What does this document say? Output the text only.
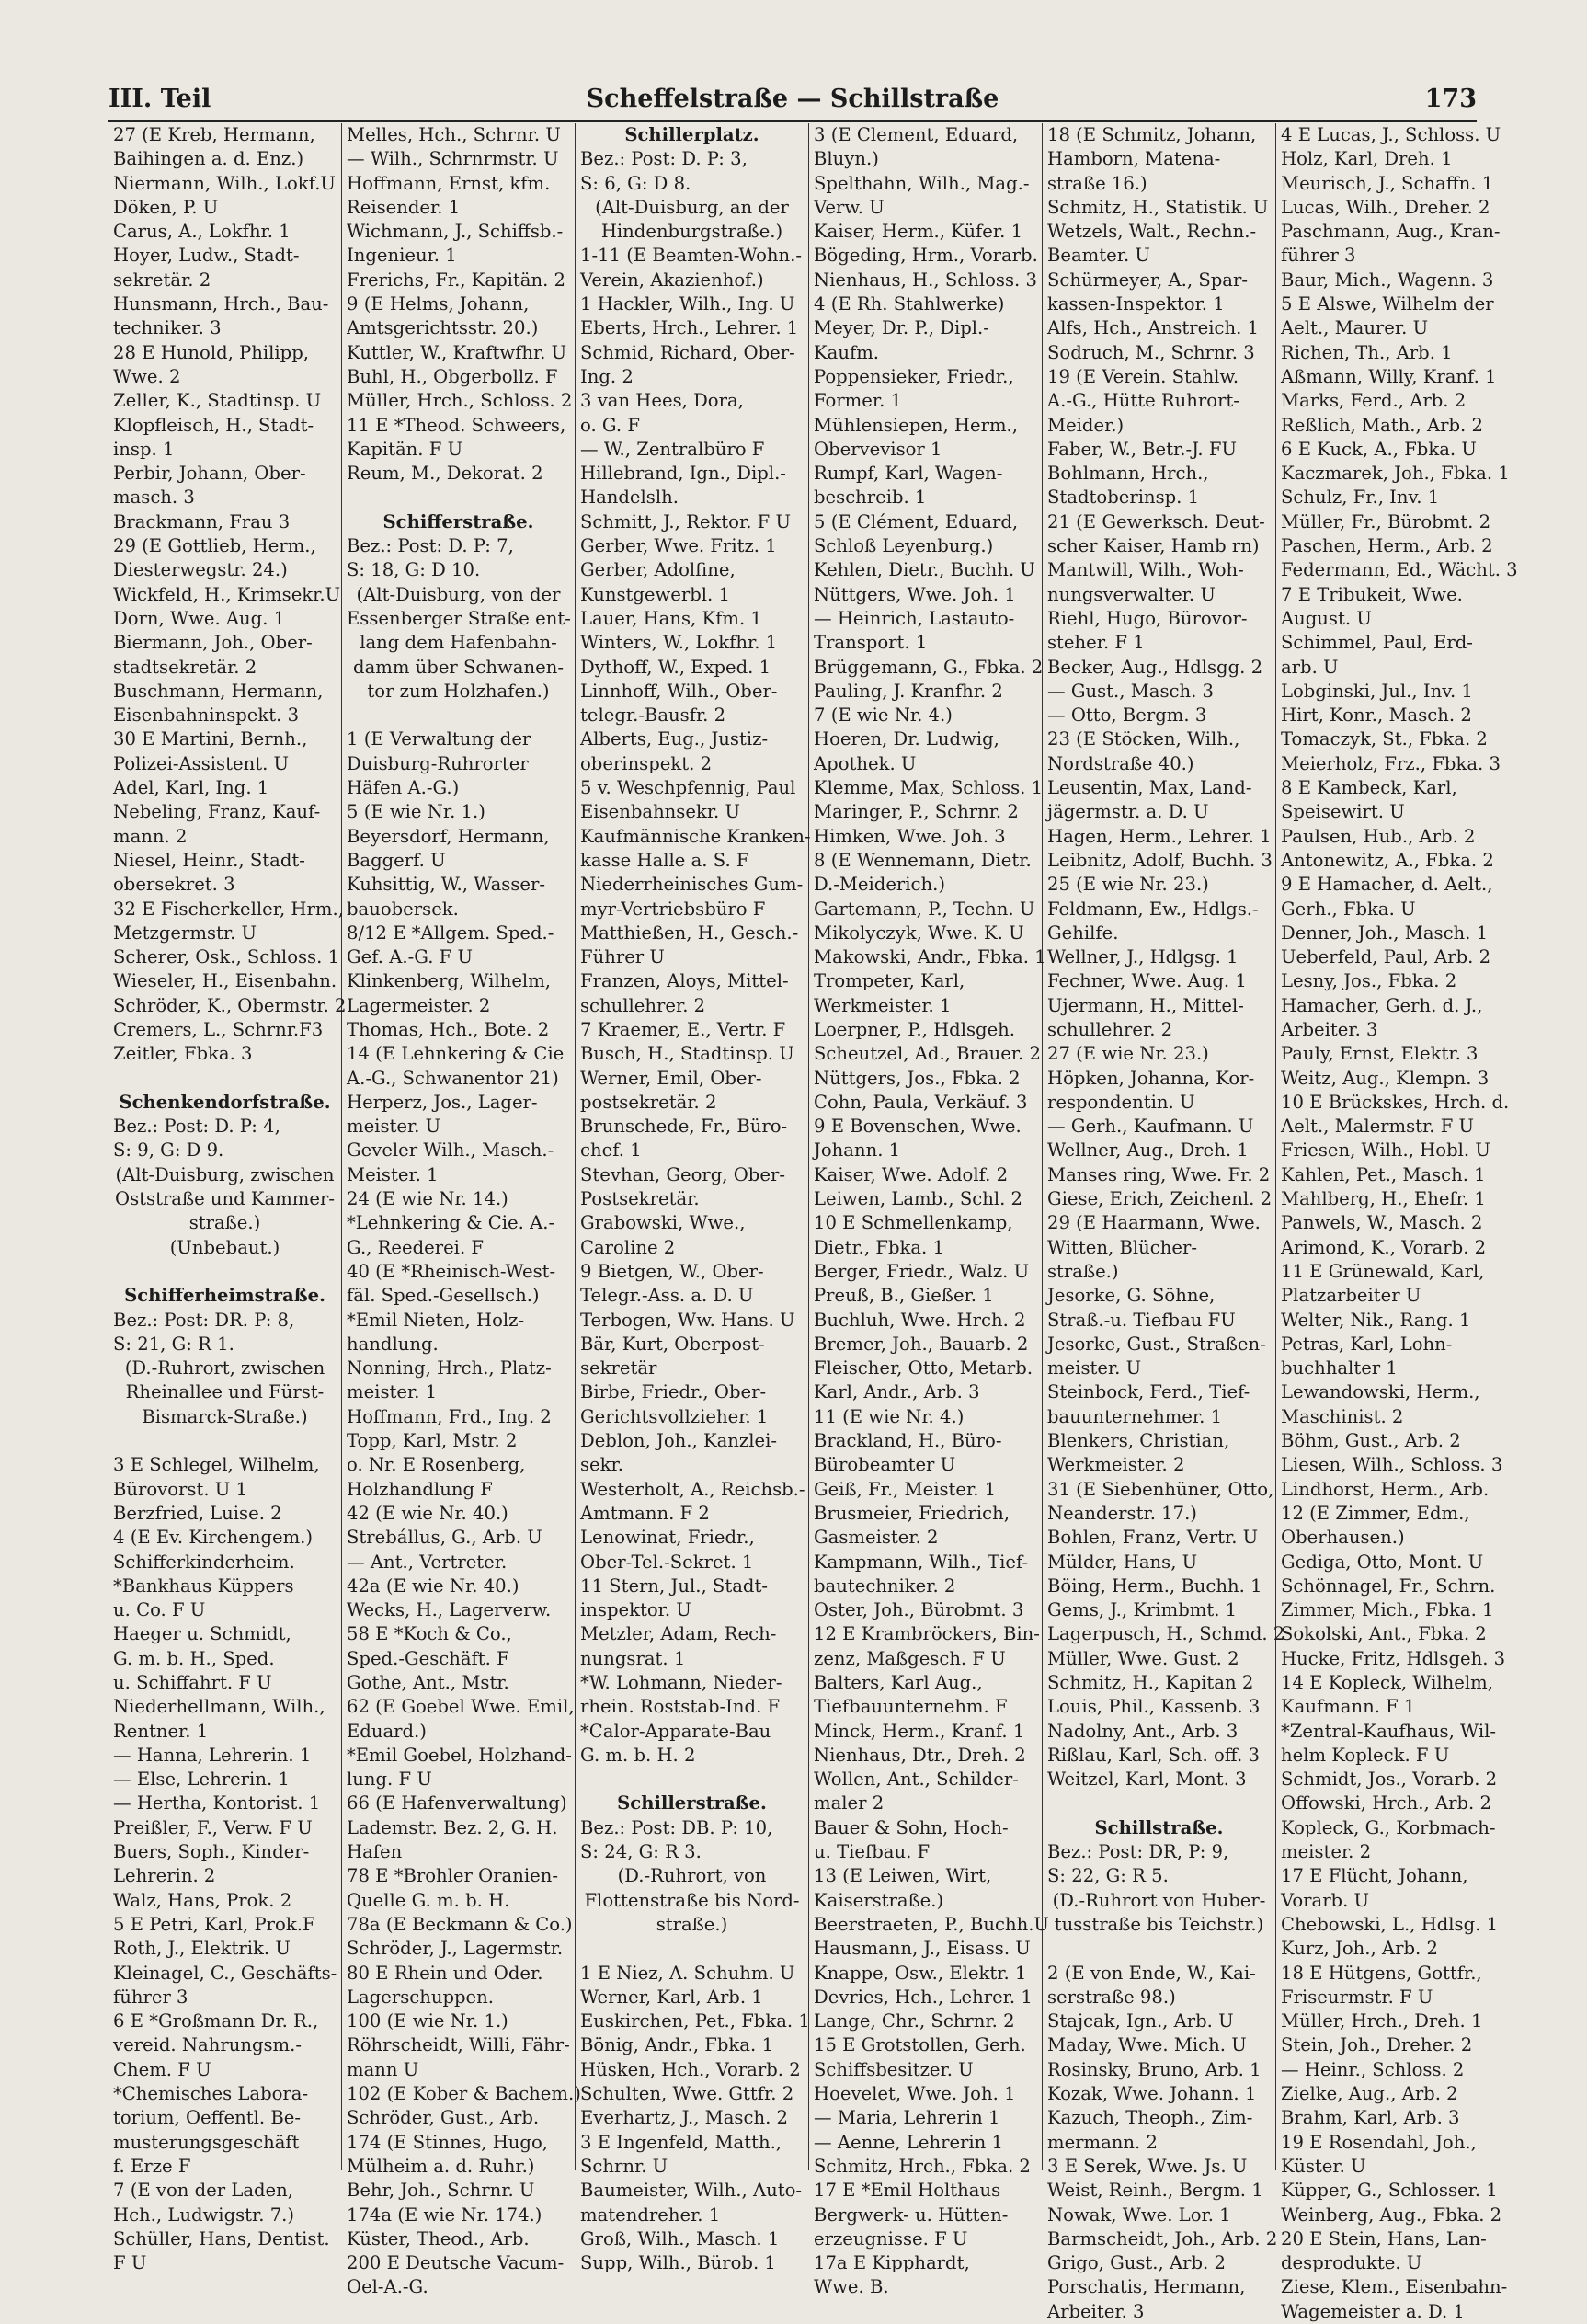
III. Teil	Scheffelstraße — Schillstraße	173
27 (E Kreb, Hermann,
Baihingen a. d. Enz.)
Niermann, Wilh., Lokf.U
Döken, P. U
Carus, A., Lokfhr. 1
Hoyer, Ludw., Stadt-
sekretär. 2
Hunsmann, Hrch., Bau-
techniker. 3
28 E Hunold, Philipp,
Wwe. 2
Zeller, K., Stadtinsp. U
Klopfleisch, H., Stadt-
insp. 1
Perbir, Johann, Ober-
masch. 3
Brackmann, Frau 3
29 (E Gottlieb, Herm.,
Diesterwegstr. 24.)
Wickfeld, H., Krimsekr.U
Dorn, Wwe. Aug. 1
Biermann, Joh., Ober-
stadtsekretär. 2
Buschmann, Hermann,
Eisenbahninspekt. 3
30 E Martini, Bernh.,
Polizei-Assistent. U
Adel, Karl, Ing. 1
Nebeling, Franz, Kauf-
mann. 2
Niesel, Heinr., Stadt-
obersekret. 3
32 E Fischerkeller, Hrm.,
Metzgermstr. U
Scherer, Osk., Schloss. 1
Wieseler, H., Eisenbahn.
Schröder, K., Obermstr. 2
Cremers, L., Schrnr.F3
Zeitler, Fbka. 3
Schenkendorfstraße.
Bez.: Post: D. P: 4,
S: 9, G: D 9.
(Alt-Duisburg, zwischen
Oststraße und Kammer-
straße.)
(Unbebaut.)
Schifferheimstraße.
Bez.: Post: DR. P: 8,
S: 21, G: R 1.
(D.-Ruhrort, zwischen
Rheinallee und Fürst-
Bismarck-Straße.)
3 E Schlegel, Wilhelm,
Bürovorst. U 1
Berzfried, Luise. 2
4 (E Ev. Kirchengem.)
Schifferkinderheim.
*Bankhaus Küppers
u. Co. F U
Haeger u. Schmidt,
G. m. b. H., Sped.
u. Schiffahrt. F U
Niederhellmann, Wilh.,
Rentner. 1
— Hanna, Lehrerin. 1
— Else, Lehrerin. 1
— Hertha, Kontorist. 1
Preißler, F., Verw. F U
Buers, Soph., Kinder-
Lehrerin. 2
Walz, Hans, Prok. 2
5 E Petri, Karl, Prok.F
Roth, J., Elektrik. U
Kleinagel, C., Geschäfts-
führer 3
6 E *Großmann Dr. R.,
vereid. Nahrungsm.-
Chem. F U
*Chemisches Labora-
torium, Oeffentl. Be-
musterungsgeschäft
f. Erze F
7 (E von der Laden,
Hch., Ludwigstr. 7.)
Schüller, Hans, Dentist.
F U
Melles, Hch., Schrnr. U
— Wilh., Schrnrmstr. U
Hoffmann, Ernst, kfm.
Reisender. 1
Wichmann, J., Schiffsb.-
Ingenieur. 1
Frerichs, Fr., Kapitän. 2
9 (E Helms, Johann,
Amtsgerichtsstr. 20.)
Kuttler, W., Kraftwfhr. U
Buhl, H., Obgerbollz. F
Müller, Hrch., Schloss. 2
11 E *Theod. Schweers,
Kapitän. F U
Reum, M., Dekorat. 2
Schifferstraße.
Bez.: Post: D. P: 7,
S: 18, G: D 10.
(Alt-Duisburg, von der
Essenberger Straße ent-
lang dem Hafenbahn-
damm über Schwanen-
tor zum Holzhafen.)
1 (E Verwaltung der
Duisburg-Ruhrorter
Häfen A.-G.)
5 (E wie Nr. 1.)
Beyersdorf, Hermann,
Baggerf. U
Kuhsittig, W., Wasser-
bauobersek.
8/12 E *Allgem. Sped.-
Gef. A.-G. F U
Klinkenberg, Wilhelm,
Lagermeister. 2
Thomas, Hch., Bote. 2
14 (E Lehnkering & Cie
A.-G., Schwanentor 21)
Herperz, Jos., Lager-
meister. U
Geveler Wilh., Masch.-
Meister. 1
24 (E wie Nr. 14.)
*Lehnkering & Cie. A.-
G., Reederei. F
40 (E *Rheinisch-West-
fäl. Sped.-Gesellsch.)
*Emil Nieten, Holz-
handlung.
Nonning, Hrch., Platz-
meister. 1
Hoffmann, Frd., Ing. 2
Topp, Karl, Mstr. 2
o. Nr. E Rosenberg,
Holzhandlung F
42 (E wie Nr. 40.)
Strebállus, G., Arb. U
— Ant., Vertreter.
42a (E wie Nr. 40.)
Wecks, H., Lagerverw.
58 E *Koch & Co.,
Sped.-Geschäft. F
Gothe, Ant., Mstr.
62 (E Goebel Wwe. Emil,
Eduard.)
*Emil Goebel, Holzhand-
lung. F U
66 (E Hafenverwaltung)
Lademstr. Bez. 2, G. H.
Hafen
78 E *Brohler Oranien-
Quelle G. m. b. H.
78a (E Beckmann & Co.)
Schröder, J., Lagermstr.
80 E Rhein und Oder.
Lagerschuppen.
100 (E wie Nr. 1.)
Röhrscheidt, Willi, Fähr-
mann U
102 (E Kober & Bachem.)
Schröder, Gust., Arb.
174 (E Stinnes, Hugo,
Mülheim a. d. Ruhr.)
Behr, Joh., Schrnr. U
174a (E wie Nr. 174.)
Küster, Theod., Arb.
200 E Deutsche Vacum-
Oel-A.-G.
Schillerplatz.
Bez.: Post: D. P: 3,
S: 6, G: D 8.
(Alt-Duisburg, an der
Hindenburgstraße.)
1-11 (E Beamten-Wohn.-
Verein, Akazienhof.)
1 Hackler, Wilh., Ing. U
Eberts, Hrch., Lehrer. 1
Schmid, Richard, Ober-
Ing. 2
3 van Hees, Dora,
o. G. F
— W., Zentralbüro F
Hillebrand, Ign., Dipl.-
Handelslh.
Schmitt, J., Rektor. F U
Gerber, Wwe. Fritz. 1
Gerber, Adolfine,
Kunstgewerbl. 1
Lauer, Hans, Kfm. 1
Winters, W., Lokfhr. 1
Dythoff, W., Exped. 1
Linnhoff, Wilh., Ober-
telegr.-Bausfr. 2
Alberts, Eug., Justiz-
oberinspekt. 2
5 v. Weschpfennig, Paul
Eisenbahnsekr. U
Kaufmännische Kranken-
kasse Halle a. S. F
Niederrheinisches Gum-
myr-Vertriebsbüro F
Matthießen, H., Gesch.-
Führer U
Franzen, Aloys, Mittel-
schullehrer. 2
7 Kraemer, E., Vertr. F
Busch, H., Stadtinsp. U
Werner, Emil, Ober-
postsekretär. 2
Brunschede, Fr., Büro-
chef. 1
Stevhan, Georg, Ober-
Postsekretär.
Grabowski, Wwe.,
Caroline 2
9 Bietgen, W., Ober-
Telegr.-Ass. a. D. U
Terbogen, Ww. Hans. U
Bär, Kurt, Oberpost-
sekretär
Birbe, Friedr., Ober-
Gerichtsvollzieher. 1
Deblon, Joh., Kanzlei-
sekr.
Westerholt, A., Reichsb.-
Amtmann. F 2
Lenowinat, Friedr.,
Ober-Tel.-Sekret. 1
11 Stern, Jul., Stadt-
inspektor. U
Metzler, Adam, Rech-
nungsrat. 1
*W. Lohmann, Nieder-
rhein. Roststab-Ind. F
*Calor-Apparate-Bau
G. m. b. H. 2
Schillerstraße.
Bez.: Post: DB. P: 10,
S: 24, G: R 3.
(D.-Ruhrort, von
Flottenstraße bis Nord-
straße.)
1 E Niez, A. Schuhm. U
Werner, Karl, Arb. 1
Euskirchen, Pet., Fbka. 1
Bönig, Andr., Fbka. 1
Hüsken, Hch., Vorarb. 2
Schulten, Wwe. Gttfr. 2
Everhartz, J., Masch. 2
3 E Ingenfeld, Matth.,
Schrnr. U
Baumeister, Wilh., Auto-
matendreher. 1
Groß, Wilh., Masch. 1
Supp, Wilh., Bürob. 1
3 (E Clement, Eduard,
Bluyn.)
Spelthahn, Wilh., Mag.-
Verw. U
Kaiser, Herm., Küfer. 1
Bögeding, Hrm., Vorarb.
Nienhaus, H., Schloss. 3
4 (E Rh. Stahlwerke)
Meyer, Dr. P., Dipl.-
Kaufm.
Poppensieker, Friedr.,
Former. 1
Mühlensiepen, Herm.,
Obervevisor 1
Rumpf, Karl, Wagen-
beschreib. 1
5 (E Clément, Eduard,
Schloß Leyenburg.)
Kehlen, Dietr., Buchh. U
Nüttgers, Wwe. Joh. 1
— Heinrich, Lastauto-
Transport. 1
Brüggemann, G., Fbka. 2
Pauling, J. Kranfhr. 2
7 (E wie Nr. 4.)
Hoeren, Dr. Ludwig,
Apothek. U
Klemme, Max, Schloss. 1
Maringer, P., Schrnr. 2
Himken, Wwe. Joh. 3
8 (E Wennemann, Dietr.
D.-Meiderich.)
Gartemann, P., Techn. U
Mikolyczyk, Wwe. K. U
Makowski, Andr., Fbka. 1
Trompeter, Karl,
Werkmeister. 1
Loerpner, P., Hdlsgeh.
Scheutzel, Ad., Brauer. 2
Nüttgers, Jos., Fbka. 2
Cohn, Paula, Verkäuf. 3
9 E Bovenschen, Wwe.
Johann. 1
Kaiser, Wwe. Adolf. 2
Leiwen, Lamb., Schl. 2
10 E Schmellenkamp,
Dietr., Fbka. 1
Berger, Friedr., Walz. U
Preuß, B., Gießer. 1
Buchluh, Wwe. Hrch. 2
Bremer, Joh., Bauarb. 2
Fleischer, Otto, Metarb.
Karl, Andr., Arb. 3
11 (E wie Nr. 4.)
Brackland, H., Büro-
Bürobeamter U
Geiß, Fr., Meister. 1
Brusmeier, Friedrich,
Gasmeister. 2
Kampmann, Wilh., Tief-
bautechniker. 2
Oster, Joh., Bürobmt. 3
12 E Krambröckers, Bin-
zenz, Maßgesch. F U
Balters, Karl Aug.,
Tiefbauunternehm. F
Minck, Herm., Kranf. 1
Nienhaus, Dtr., Dreh. 2
Wollen, Ant., Schilder-
maler 2
Bauer & Sohn, Hoch-
u. Tiefbau. F
13 (E Leiwen, Wirt,
Kaiserstraße.)
Beerstraeten, P., Buchh.U
Hausmann, J., Eisass. U
Knappe, Osw., Elektr. 1
Devries, Hch., Lehrer. 1
Lange, Chr., Schrnr. 2
15 E Grotstollen, Gerh.
Schiffsbesitzer. U
Hoevelet, Wwe. Joh. 1
— Maria, Lehrerin 1
— Aenne, Lehrerin 1
Schmitz, Hrch., Fbka. 2
17 E *Emil Holthaus
Bergwerk- u. Hütten-
erzeugnisse. F U
17a E Kipphardt,
Wwe. B.
18 (E Schmitz, Johann,
Hamborn, Matena-
straße 16.)
Schmitz, H., Statistik. U
Wetzels, Walt., Rechn.-
Beamter. U
Schürmeyer, A., Spar-
kassen-Inspektor. 1
Alfs, Hch., Anstreich. 1
Sodruch, M., Schrnr. 3
19 (E Verein. Stahlw.
A.-G., Hütte Ruhrort-
Meider.)
Faber, W., Betr.-J. FU
Bohlmann, Hrch.,
Stadtoberinsp. 1
21 (E Gewerksch. Deut-
scher Kaiser, Hamb rn)
Mantwill, Wilh., Woh-
nungsverwalter. U
Riehl, Hugo, Bürovor-
steher. F 1
Becker, Aug., Hdlsgg. 2
— Gust., Masch. 3
— Otto, Bergm. 3
23 (E Stöcken, Wilh.,
Nordstraße 40.)
Leusentin, Max, Land-
jägermstr. a. D. U
Hagen, Herm., Lehrer. 1
Leibnitz, Adolf, Buchh. 3
25 (E wie Nr. 23.)
Feldmann, Ew., Hdlgs.-
Gehilfe.
Wellner, J., Hdlgsg. 1
Fechner, Wwe. Aug. 1
Ujermann, H., Mittel-
schullehrer. 2
27 (E wie Nr. 23.)
Höpken, Johanna, Kor-
respondentin. U
— Gerh., Kaufmann. U
Wellner, Aug., Dreh. 1
Manses ring, Wwe. Fr. 2
Giese, Erich, Zeichenl. 2
29 (E Haarmann, Wwe.
Witten, Blücher-
straße.)
Jesorke, G. Söhne,
Straß.-u. Tiefbau FU
Jesorke, Gust., Straßen-
meister. U
Steinbock, Ferd., Tief-
bauunternehmer. 1
Blenkers, Christian,
Werkmeister. 2
31 (E Siebenhüner, Otto,
Neanderstr. 17.)
Bohlen, Franz, Vertr. U
Mülder, Hans, U
Böing, Herm., Buchh. 1
Gems, J., Krimbmt. 1
Lagerpusch, H., Schmd. 2
Müller, Wwe. Gust. 2
Schmitz, H., Kapitan 2
Louis, Phil., Kassenb. 3
Nadolny, Ant., Arb. 3
Rißlau, Karl, Sch. off. 3
Weitzel, Karl, Mont. 3
Schillstraße.
Bez.: Post: DR, P: 9,
S: 22, G: R 5.
(D.-Ruhrort von Huber-
tusstraße bis Teichstr.)
2 (E von Ende, W., Kai-
serstraße 98.)
Stajcak, Ign., Arb. U
Maday, Wwe. Mich. U
Rosinsky, Bruno, Arb. 1
Kozak, Wwe. Johann. 1
Kazuch, Theoph., Zim-
mermann. 2
3 E Serek, Wwe. Js. U
Weist, Reinh., Bergm. 1
Nowak, Wwe. Lor. 1
Barmscheidt, Joh., Arb. 2
Grigo, Gust., Arb. 2
Porschatis, Hermann,
Arbeiter. 3
4 E Lucas, J., Schloss. U
Holz, Karl, Dreh. 1
Meurisch, J., Schaffn. 1
Lucas, Wilh., Dreher. 2
Paschmann, Aug., Kran-
führer 3
Baur, Mich., Wagenn. 3
5 E Alswe, Wilhelm der
Aelt., Maurer. U
Richen, Th., Arb. 1
Aßmann, Willy, Kranf. 1
Marks, Ferd., Arb. 2
Reßlich, Math., Arb. 2
6 E Kuck, A., Fbka. U
Kaczmarek, Joh., Fbka. 1
Schulz, Fr., Inv. 1
Müller, Fr., Bürobmt. 2
Paschen, Herm., Arb. 2
Federmann, Ed., Wächt. 3
7 E Tribukeit, Wwe.
August. U
Schimmel, Paul, Erd-
arb. U
Lobginski, Jul., Inv. 1
Hirt, Konr., Masch. 2
Tomaczyk, St., Fbka. 2
Meierholz, Frz., Fbka. 3
8 E Kambeck, Karl,
Speisewirt. U
Paulsen, Hub., Arb. 2
Antonewitz, A., Fbka. 2
9 E Hamacher, d. Aelt.,
Gerh., Fbka. U
Denner, Joh., Masch. 1
Ueberfeld, Paul, Arb. 2
Lesny, Jos., Fbka. 2
Hamacher, Gerh. d. J.,
Arbeiter. 3
Pauly, Ernst, Elektr. 3
Weitz, Aug., Klempn. 3
10 E Brückskes, Hrch. d.
Aelt., Malermstr. F U
Friesen, Wilh., Hobl. U
Kahlen, Pet., Masch. 1
Mahlberg, H., Ehefr. 1
Panwels, W., Masch. 2
Arimond, K., Vorarb. 2
11 E Grünewald, Karl,
Platzarbeiter U
Welter, Nik., Rang. 1
Petras, Karl, Lohn-
buchhalter 1
Lewandowski, Herm.,
Maschinist. 2
Böhm, Gust., Arb. 2
Liesen, Wilh., Schloss. 3
Lindhorst, Herm., Arb.
12 (E Zimmer, Edm.,
Oberhausen.)
Gediga, Otto, Mont. U
Schönnagel, Fr., Schrn.
Zimmer, Mich., Fbka. 1
Sokolski, Ant., Fbka. 2
Hucke, Fritz, Hdlsgeh. 3
14 E Kopleck, Wilhelm,
Kaufmann. F 1
*Zentral-Kaufhaus, Wil-
helm Kopleck. F U
Schmidt, Jos., Vorarb. 2
Offowski, Hrch., Arb. 2
Kopleck, G., Korbmach-
meister. 2
17 E Flücht, Johann,
Vorarb. U
Chebowski, L., Hdlsg. 1
Kurz, Joh., Arb. 2
18 E Hütgens, Gottfr.,
Friseurmstr. F U
Müller, Hrch., Dreh. 1
Stein, Joh., Dreher. 2
— Heinr., Schloss. 2
Zielke, Aug., Arb. 2
Brahm, Karl, Arb. 3
19 E Rosendahl, Joh.,
Küster. U
Küpper, G., Schlosser. 1
Weinberg, Aug., Fbka. 2
20 E Stein, Hans, Lan-
desprodukte. U
Ziese, Klem., Eisenbahn-
Wagemeister a. D. 1
